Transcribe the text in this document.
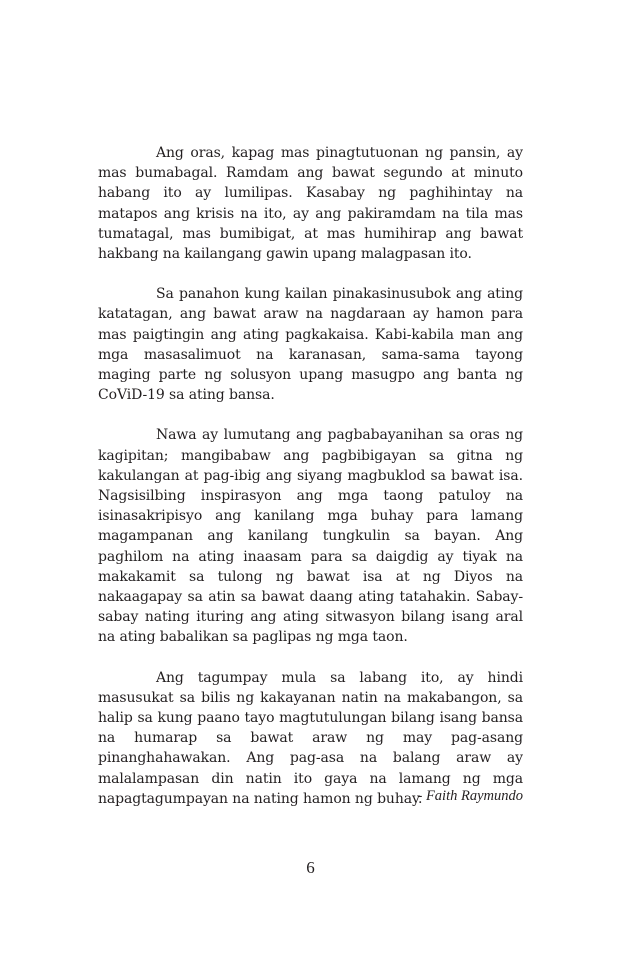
Ang oras, kapag mas pinagtutuonan ng pansin, ay mas bumabagal. Ramdam ang bawat segundo at minuto habang ito ay lumilipas. Kasabay ng paghihintay na matapos ang krisis na ito, ay ang pakiramdam na tila mas tumatagal, mas bumibigat, at mas humihirap ang bawat hakbang na kailangang gawin upang malagpasan ito.

Sa panahon kung kailan pinakasinusubok ang ating katatagan, ang bawat araw na nagdaraan ay hamon para mas paigtingin ang ating pagkakaisa. Kabi-kabila man ang mga masasalimuot na karanasan, sama-sama tayong maging parte ng solusyon upang masugpo ang banta ng CoViD-19 sa ating bansa.

Nawa ay lumutang ang pagbabayanihan sa oras ng kagipitan; mangibabaw ang pagbibigayan sa gitna ng kakulangan at pag-ibig ang siyang magbuklod sa bawat isa. Nagsisilbing inspirasyon ang mga taong patuloy na isinasakripisyo ang kanilang mga buhay para lamang magampanan ang kanilang tungkulin sa bayan. Ang paghilom na ating inaasam para sa daigdig ay tiyak na makakamit sa tulong ng bawat isa at ng Diyos na nakaagapay sa atin sa bawat daang ating tatahakin. Sabay-sabay nating ituring ang ating sitwasyon bilang isang aral na ating babalikan sa paglipas ng mga taon.

Ang tagumpay mula sa labang ito, ay hindi masusukat sa bilis ng kakayanan natin na makabangon, sa halip sa kung paano tayo magtutulungan bilang isang bansa na humarap sa bawat araw ng may pag-asang pinanghahawakan. Ang pag-asa na balang araw ay malalampasan din natin ito gaya na lamang ng mga napagtagumpayan na nating hamon ng buhay.

- Faith Raymundo
6
